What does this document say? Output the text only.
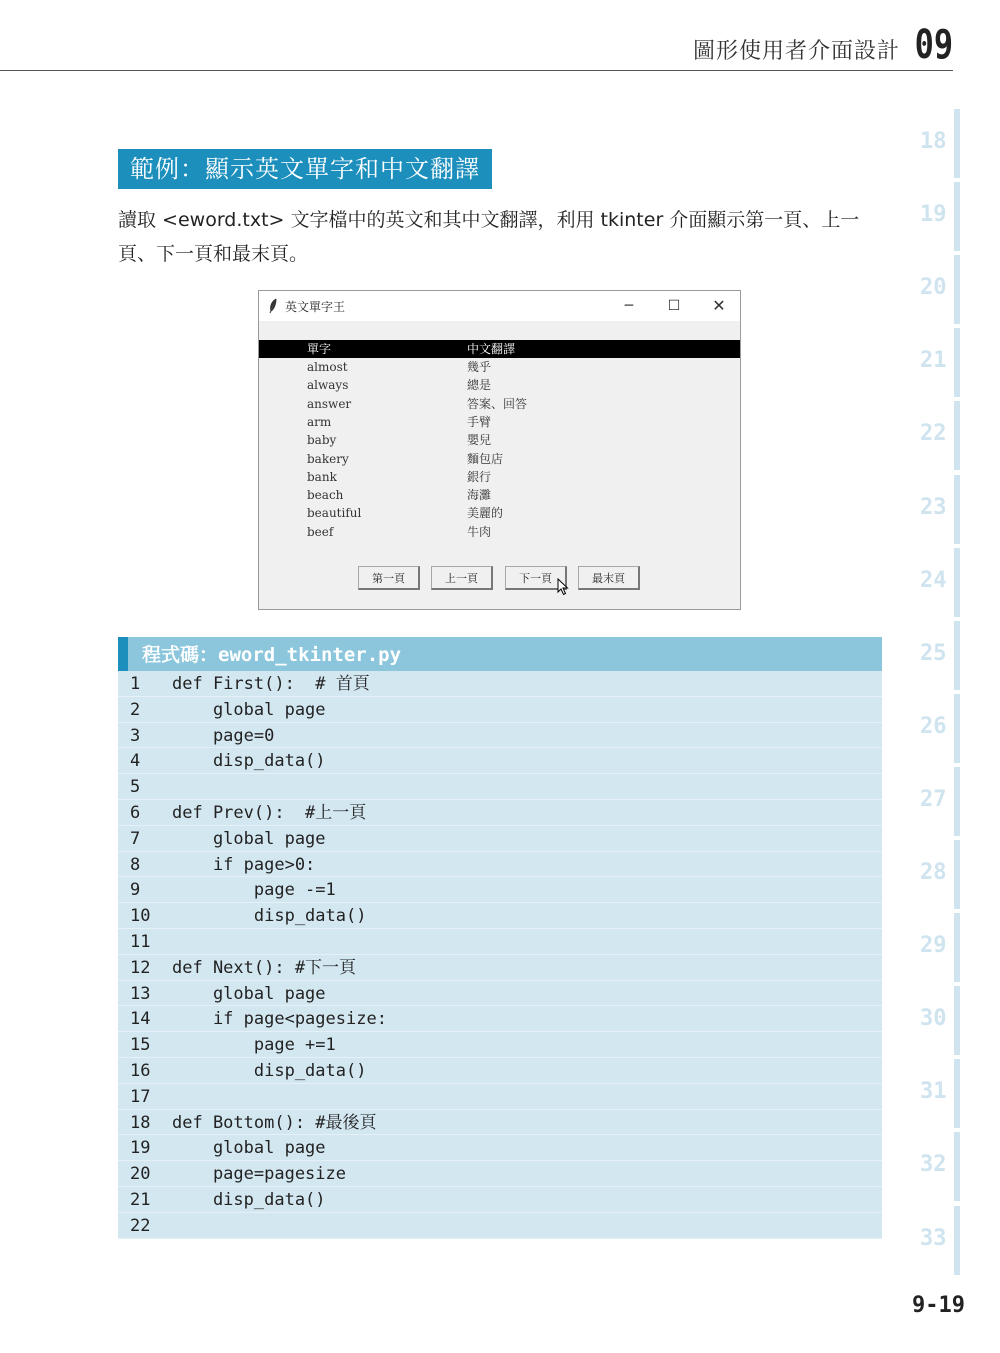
圖形使用者介面設計 09
18
19
20
21
22
23
24
25
26
27
28
29
30
31
32
33
範例：顯示英文單字和中文翻譯
讀取 <eword.txt> 文字檔中的英文和其中文翻譯，利用 tkinter 介面顯示第一頁、上一頁、下一頁和最末頁。
英文單字王	─	☐	✕
單字	中文翻譯
almost	幾乎
always	總是
answer	答案、回答
arm	手臂
baby	嬰兒
bakery	麵包店
bank	銀行
beach	海灘
beautiful	美麗的
beef	牛肉
第一頁	上一頁	下一頁	最末頁
程式碼：eword_tkinter.py
1 def First():  # 首頁
2 global page
3 page=0
4 disp_data()
5
6 def Prev():  #上一頁
7 global page
8 if page>0:
9 page -=1
10 disp_data()
11
12 def Next(): #下一頁
13 global page
14 if page<pagesize:
15 page +=1
16 disp_data()
17
18 def Bottom(): #最後頁
19 global page
20 page=pagesize
21 disp_data()
22
9-19
